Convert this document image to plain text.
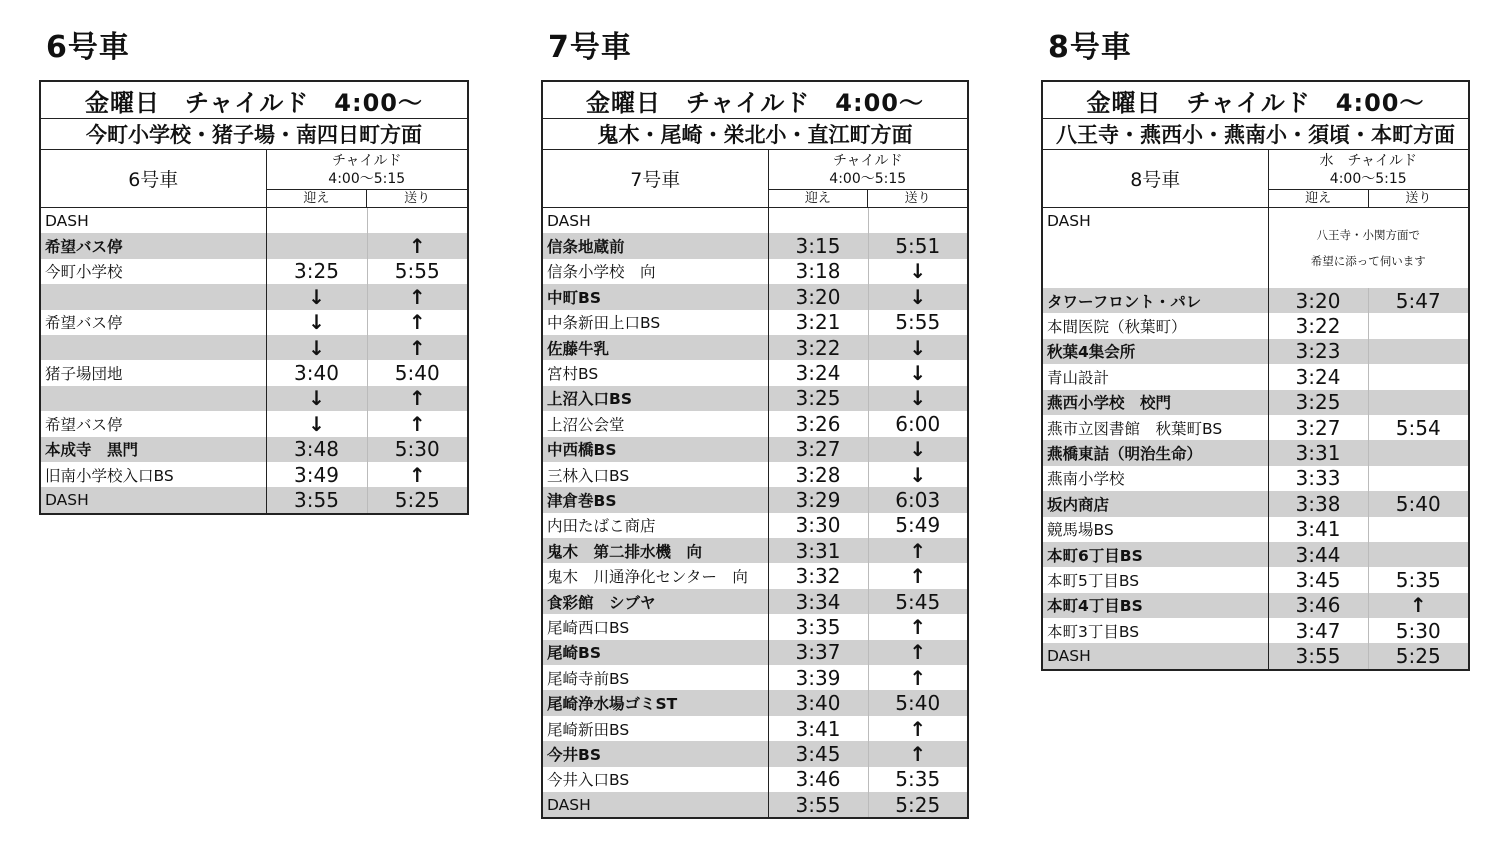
6号車
金曜日　チャイルド　4:00〜		
今町小学校・猪子場・南四日町方面		
6号車	チャイルド
4:00〜5:15
迎え 送り	

DASH		
希望バス停		↑
今町小学校	3:25	5:55
	↓	↑
希望バス停	↓	↑
	↓	↑
猪子場団地	3:40	5:40
	↓	↑
希望バス停	↓	↑
本成寺　黒門	3:48	5:30
旧南小学校入口BS	3:49	↑
DASH	3:55	5:25
7号車
金曜日　チャイルド　4:00〜		
鬼木・尾崎・栄北小・直江町方面		
7号車	チャイルド
4:00〜5:15
迎え 送り	

DASH		
信条地蔵前	3:15	5:51
信条小学校　向	3:18	↓
中町BS	3:20	↓
中条新田上口BS	3:21	5:55
佐藤牛乳	3:22	↓
宮村BS	3:24	↓
上沼入口BS	3:25	↓
上沼公会堂	3:26	6:00
中西橋BS	3:27	↓
三林入口BS	3:28	↓
津倉巻BS	3:29	6:03
内田たばこ商店	3:30	5:49
鬼木　第二排水機　向	3:31	↑
鬼木　川通浄化センター　向	3:32	↑
食彩館　シブヤ	3:34	5:45
尾崎西口BS	3:35	↑
尾崎BS	3:37	↑
尾崎寺前BS	3:39	↑
尾崎浄水場ゴミST	3:40	5:40
尾崎新田BS	3:41	↑
今井BS	3:45	↑
今井入口BS	3:46	5:35
DASH	3:55	5:25
8号車
金曜日　チャイルド　4:00〜		
八王寺・燕西小・燕南小・須頃・本町方面		
8号車	水　チャイルド
4:00〜5:15
迎え 送り	

DASH	八王寺・小関方面で
希望に添って伺います	

タワーフロント・パレ	3:20	5:47
本間医院（秋葉町）	3:22	
秋葉4集会所	3:23	
青山設計	3:24	
燕西小学校　校門	3:25	
燕市立図書館　秋葉町BS	3:27	5:54
燕橋東詰（明治生命）	3:31	
燕南小学校	3:33	
坂内商店	3:38	5:40
競馬場BS	3:41	
本町6丁目BS	3:44	
本町5丁目BS	3:45	5:35
本町4丁目BS	3:46	↑
本町3丁目BS	3:47	5:30
DASH	3:55	5:25
